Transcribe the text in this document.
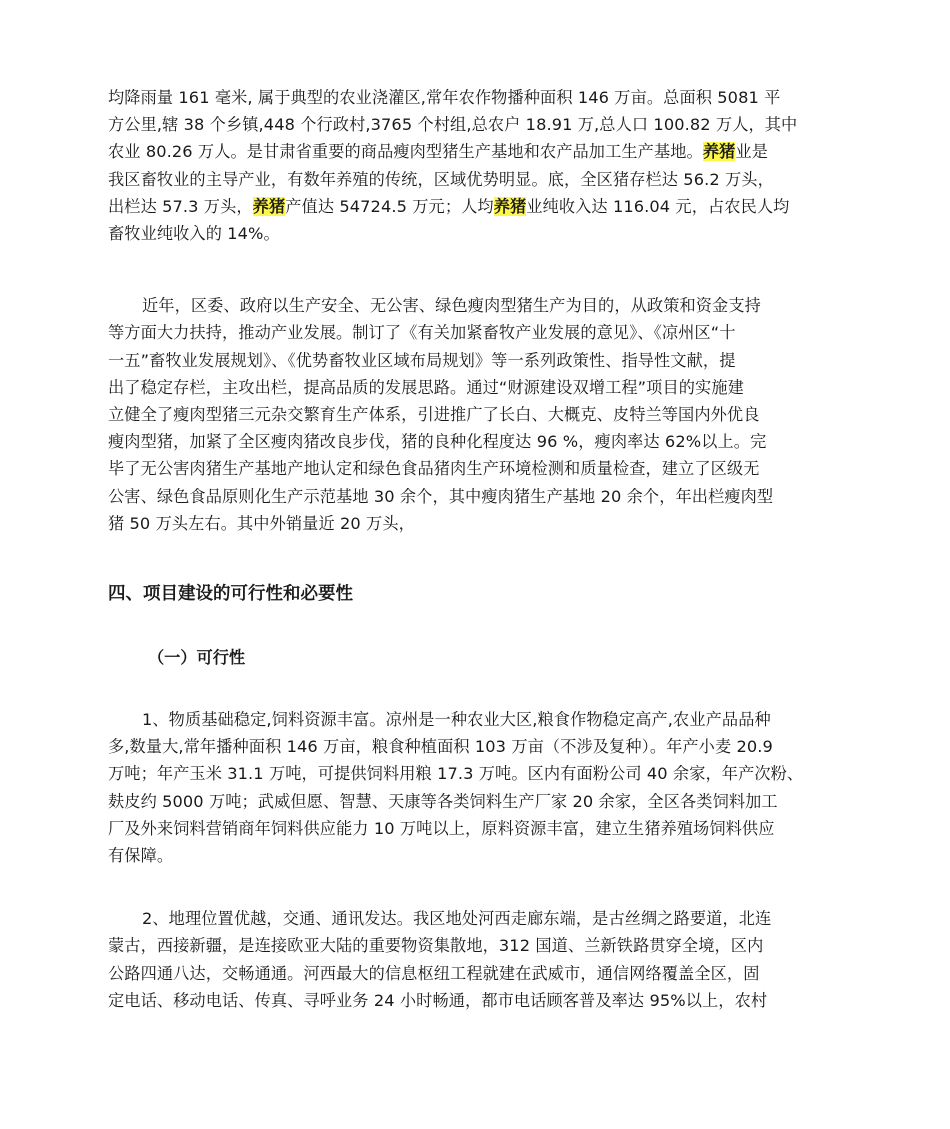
均降雨量 161 毫米, 属于典型的农业浇灌区,常年农作物播种面积 146 万亩。总面积 5081 平
方公里,辖 38 个乡镇,448 个行政村,3765 个村组,总农户 18.91 万,总人口 100.82 万人，其中
农业 80.26 万人。是甘肃省重要的商品瘦肉型猪生产基地和农产品加工生产基地。养猪业是
我区畜牧业的主导产业，有数年养殖的传统，区域优势明显。底，全区猪存栏达 56.2 万头，
出栏达 57.3 万头，养猪产值达 54724.5 万元；人均养猪业纯收入达 116.04 元，占农民人均
畜牧业纯收入的 14%。

近年，区委、政府以生产安全、无公害、绿色瘦肉型猪生产为目的，从政策和资金支持
等方面大力扶持，推动产业发展。制订了《有关加紧畜牧产业发展的意见》、《凉州区“十
一五”畜牧业发展规划》、《优势畜牧业区域布局规划》等一系列政策性、指导性文献，提
出了稳定存栏，主攻出栏，提高品质的发展思路。通过“财源建设双增工程”项目的实施建
立健全了瘦肉型猪三元杂交繁育生产体系，引进推广了长白、大概克、皮特兰等国内外优良
瘦肉型猪，加紧了全区瘦肉猪改良步伐，猪的良种化程度达 96 %，瘦肉率达 62%以上。完
毕了无公害肉猪生产基地产地认定和绿色食品猪肉生产环境检测和质量检查，建立了区级无
公害、绿色食品原则化生产示范基地 30 余个，其中瘦肉猪生产基地 20 余个，年出栏瘦肉型
猪 50 万头左右。其中外销量近 20 万头，

四、项目建设的可行性和必要性
（一）可行性

1、物质基础稳定,饲料资源丰富。凉州是一种农业大区,粮食作物稳定高产,农业产品品种
多,数量大,常年播种面积 146 万亩，粮食种植面积 103 万亩（不涉及复种）。年产小麦 20.9
万吨；年产玉米 31.1 万吨，可提供饲料用粮 17.3 万吨。区内有面粉公司 40 余家，年产次粉、
麸皮约 5000 万吨；武威但愿、智慧、天康等各类饲料生产厂家 20 余家，全区各类饲料加工
厂及外来饲料营销商年饲料供应能力 10 万吨以上，原料资源丰富，建立生猪养殖场饲料供应
有保障。

2、地理位置优越，交通、通讯发达。我区地处河西走廊东端，是古丝绸之路要道，北连
蒙古，西接新疆，是连接欧亚大陆的重要物资集散地，312 国道、兰新铁路贯穿全境，区内
公路四通八达，交畅通通。河西最大的信息枢纽工程就建在武威市，通信网络覆盖全区，固
定电话、移动电话、传真、寻呼业务 24 小时畅通，都市电话顾客普及率达 95%以上，农村
